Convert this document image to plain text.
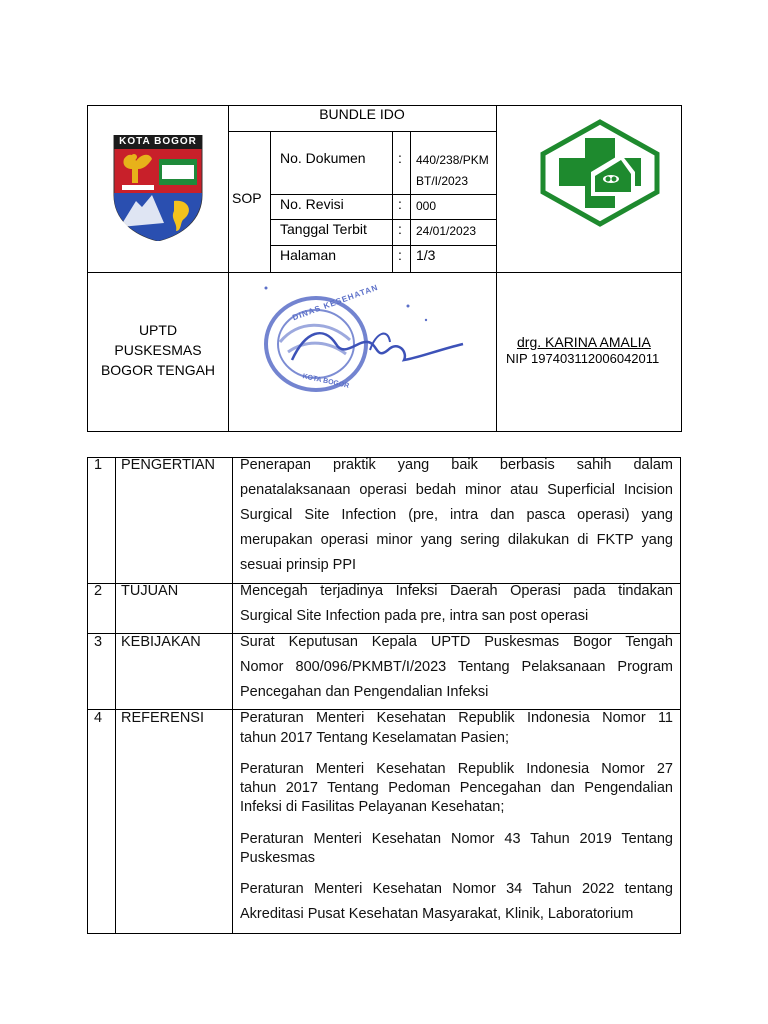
KOTA BOGOR
BUNDLE IDO
SOP
No. Dokumen : 440/238/PKM
BT/I/2023
No. Revisi	: 000
Tanggal Terbit : 24/01/2023
Halaman	: 1/3
UPTD
PUSKESMAS
BOGOR TENGAH
DINAS KESEHATAN
KOTA BOGOR
drg. KARINA AMALIA
NIP 197403112006042011
1 PENGERTIAN Penerapan praktik yang baik berbasis sahih dalam
penatalaksanaan operasi bedah minor atau Superficial Incision
Surgical Site Infection (pre, intra dan pasca operasi) yang
merupakan operasi minor yang sering dilakukan di FKTP yang
sesuai prinsip PPI
2 TUJUAN	Mencegah terjadinya Infeksi Daerah Operasi pada tindakan
Surgical Site Infection pada pre, intra san post operasi
3 KEBIJAKAN	Surat Keputusan Kepala UPTD Puskesmas Bogor Tengah
Nomor 800/096/PKMBT/I/2023 Tentang Pelaksanaan Program
Pencegahan dan Pengendalian Infeksi
4 REFERENSI Peraturan Menteri Kesehatan Republik Indonesia Nomor 11
tahun 2017 Tentang Keselamatan Pasien;
Peraturan Menteri Kesehatan Republik Indonesia Nomor 27
tahun 2017 Tentang Pedoman Pencegahan dan Pengendalian
Infeksi di Fasilitas Pelayanan Kesehatan;
Peraturan Menteri Kesehatan Nomor 43 Tahun 2019 Tentang
Puskesmas
Peraturan Menteri Kesehatan Nomor 34 Tahun 2022 tentang
Akreditasi Pusat Kesehatan Masyarakat, Klinik, Laboratorium
